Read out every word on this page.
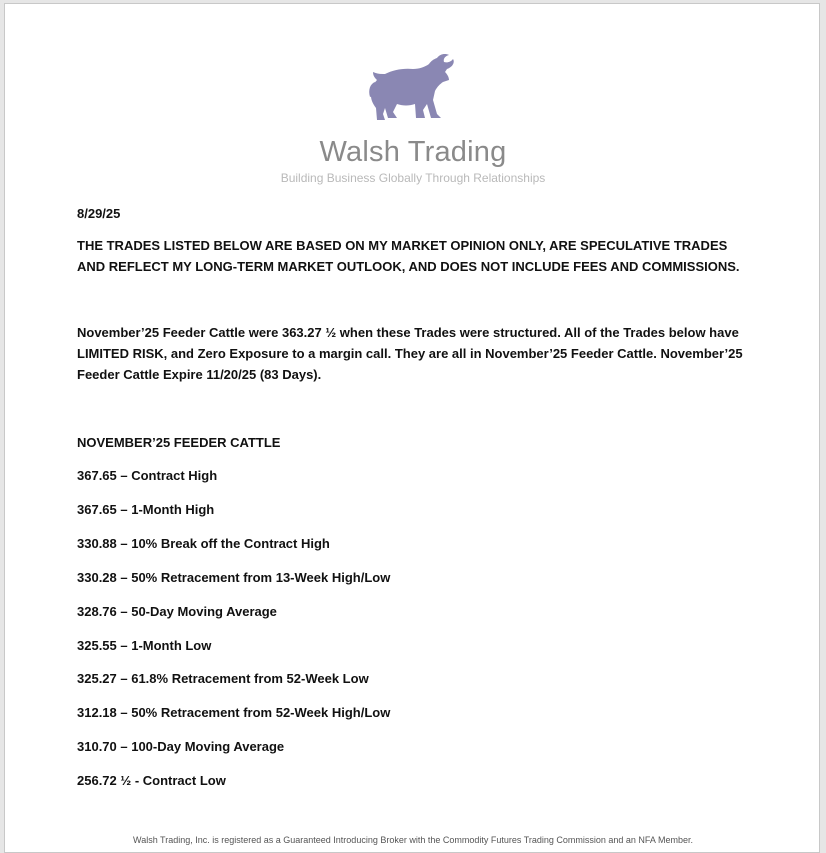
Walsh Trading
Building Business Globally Through Relationships

8/29/25

THE TRADES LISTED BELOW ARE BASED ON MY MARKET OPINION ONLY, ARE SPECULATIVE TRADES AND REFLECT MY LONG-TERM MARKET OUTLOOK, AND DOES NOT INCLUDE FEES AND COMMISSIONS.

November’25 Feeder Cattle were 363.27 ½ when these Trades were structured. All of the Trades below have LIMITED RISK, and Zero Exposure to a margin call. They are all in November’25 Feeder Cattle. November’25 Feeder Cattle Expire 11/20/25 (83 Days).

NOVEMBER’25 FEEDER CATTLE

367.65 – Contract High

367.65 – 1-Month High

330.88 – 10% Break off the Contract High

330.28 – 50% Retracement from 13-Week High/Low

328.76 – 50-Day Moving Average

325.55 – 1-Month Low

325.27 – 61.8% Retracement from 52-Week Low

312.18 – 50% Retracement from 52-Week High/Low

310.70 – 100-Day Moving Average

256.72 ½ - Contract Low

Walsh Trading, Inc. is registered as a Guaranteed Introducing Broker with the Commodity Futures Trading Commission and an NFA Member.
